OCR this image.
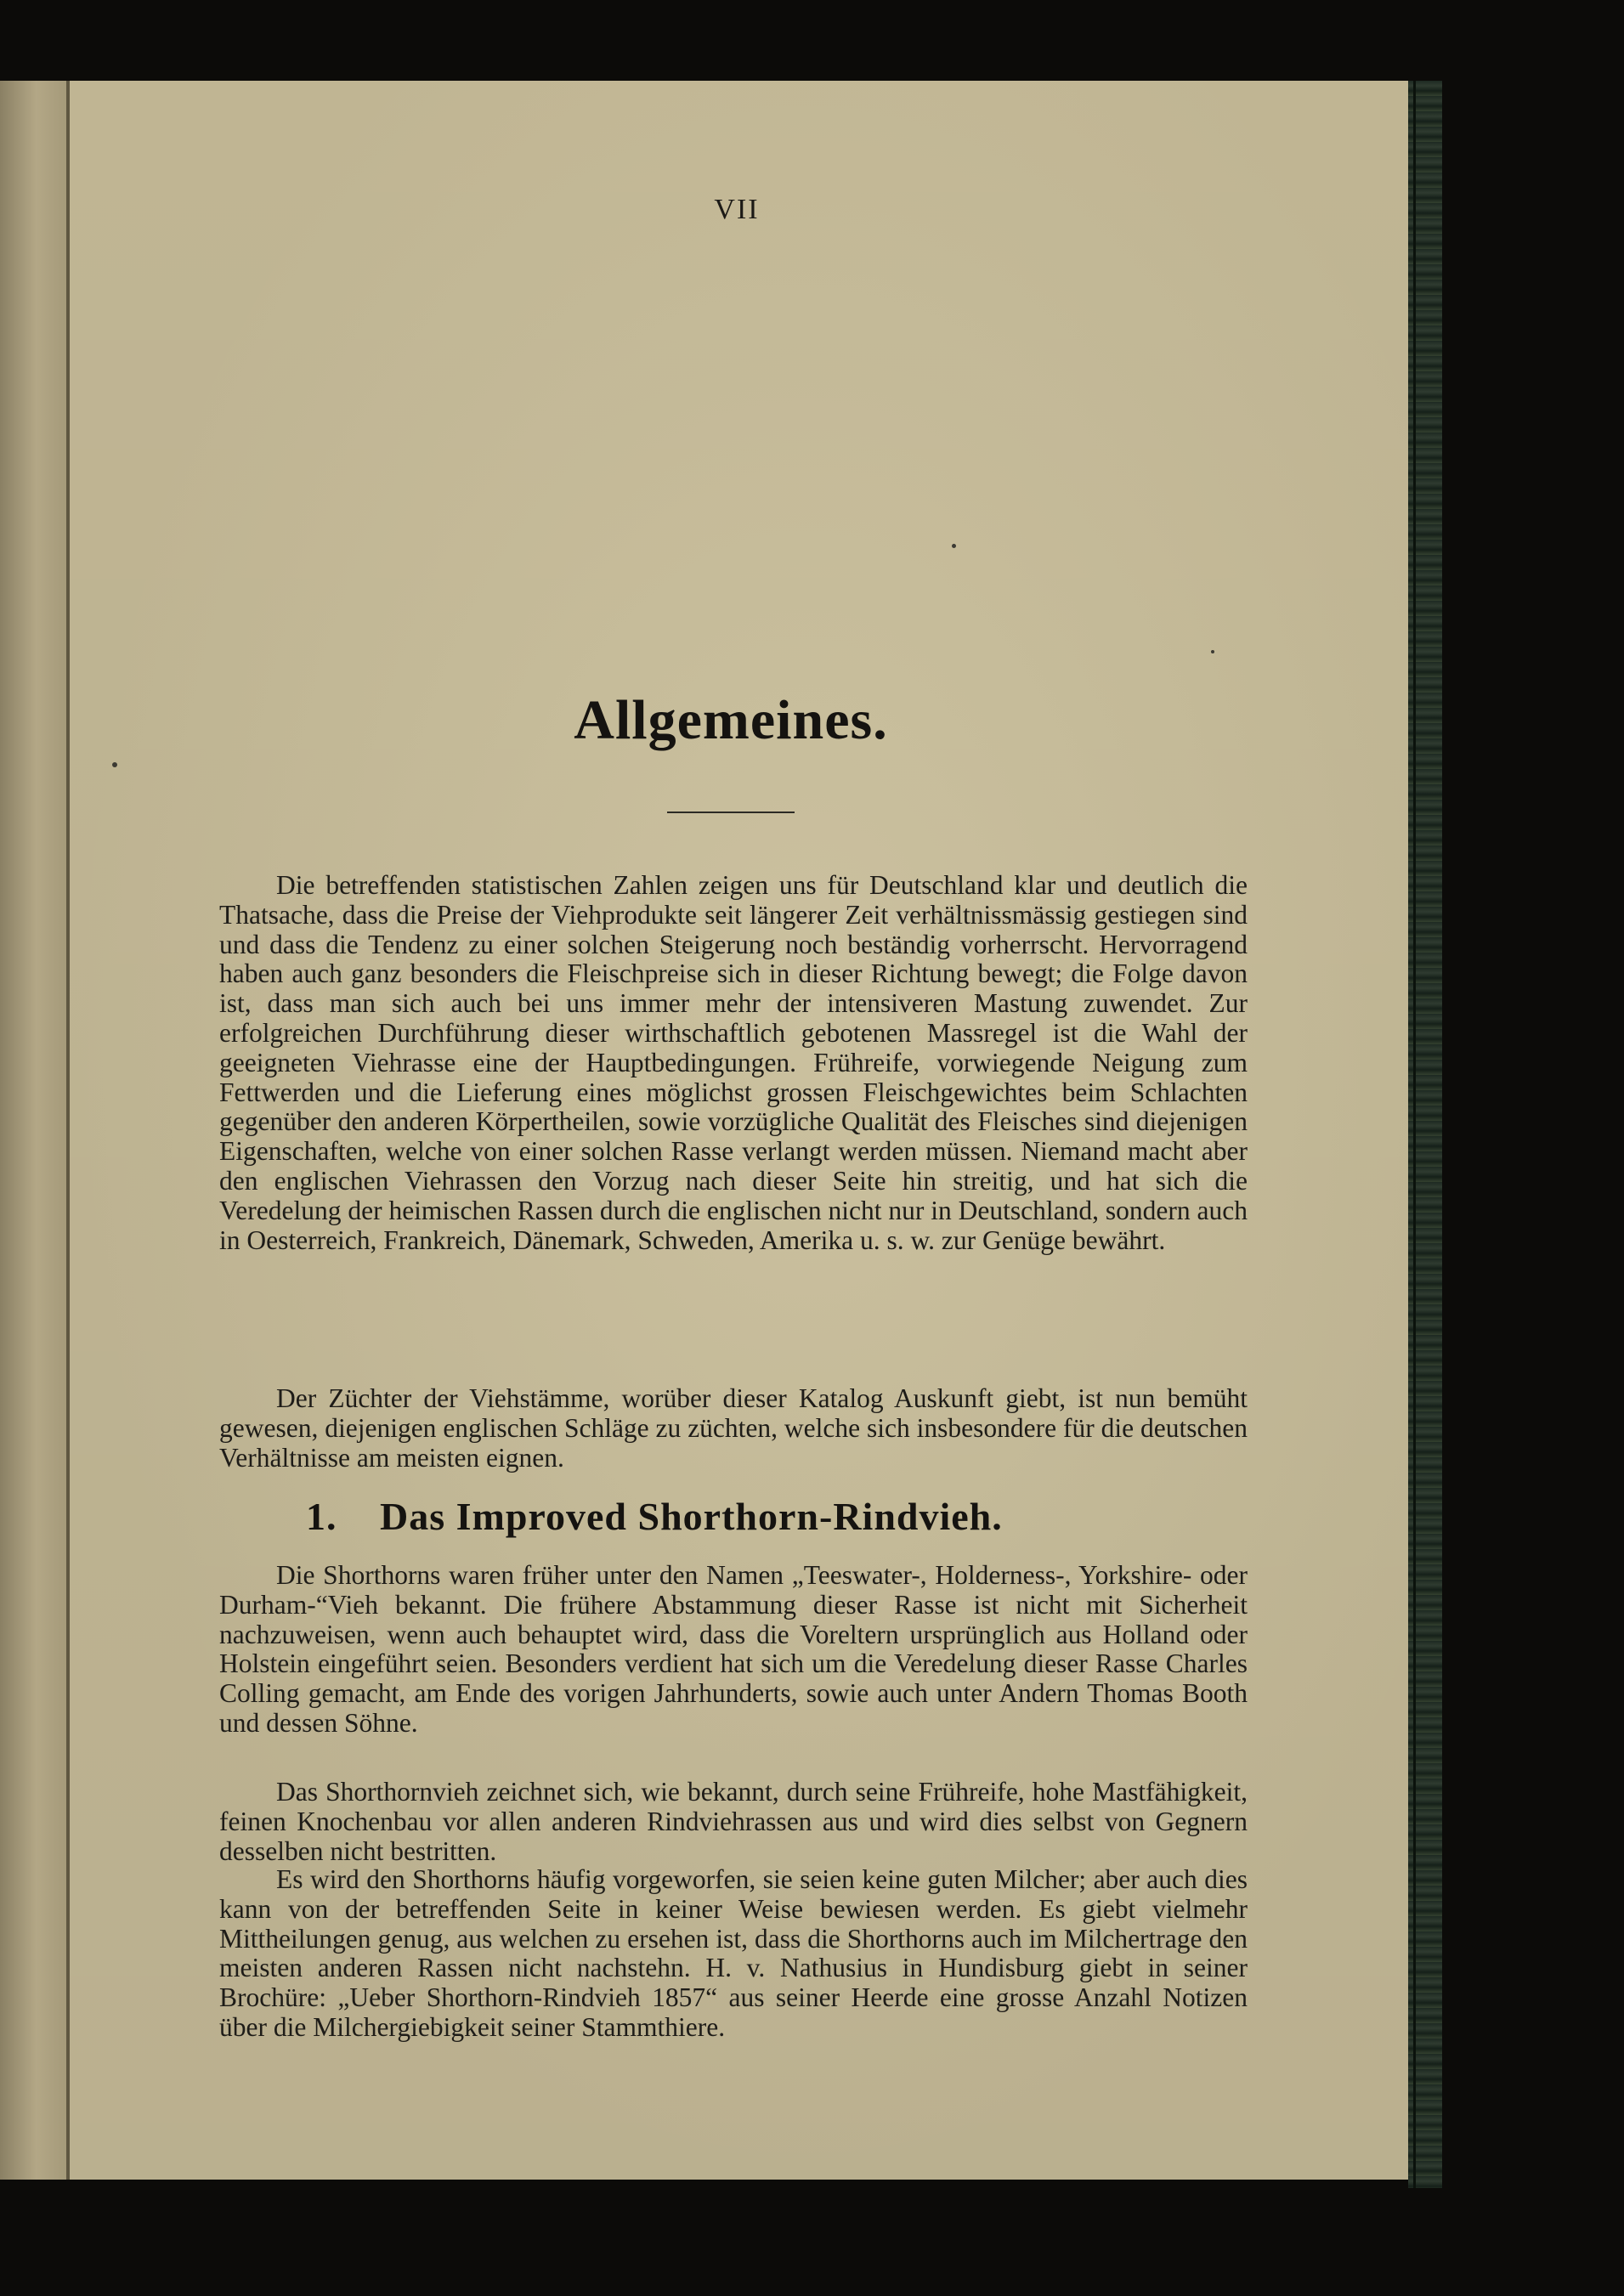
VII
Allgemeines.

Die betreffenden statistischen Zahlen zeigen uns für Deutschland klar und deutlich die Thatsache, dass die Preise der Viehprodukte seit längerer Zeit verhältnissmässig gestiegen sind und dass die Tendenz zu einer solchen Steigerung noch beständig vorherrscht. Hervorragend haben auch ganz besonders die Fleischpreise sich in dieser Richtung bewegt; die Folge davon ist, dass man sich auch bei uns immer mehr der intensiveren Mastung zuwendet. Zur erfolgreichen Durchführung dieser wirthschaftlich gebotenen Massregel ist die Wahl der geeigneten Viehrasse eine der Hauptbedingungen. Frühreife, vorwiegende Neigung zum Fettwerden und die Lieferung eines möglichst grossen Fleischgewichtes beim Schlachten gegenüber den anderen Körpertheilen, sowie vorzügliche Qualität des Fleisches sind diejenigen Eigenschaften, welche von einer solchen Rasse verlangt werden müssen. Niemand macht aber den englischen Viehrassen den Vorzug nach dieser Seite hin streitig, und hat sich die Veredelung der heimischen Rassen durch die englischen nicht nur in Deutschland, sondern auch in Oesterreich, Frankreich, Dänemark, Schweden, Amerika u. s. w. zur Genüge bewährt.

Der Züchter der Viehstämme, worüber dieser Katalog Auskunft giebt, ist nun bemüht gewesen, diejenigen englischen Schläge zu züchten, welche sich insbesondere für die deutschen Verhältnisse am meisten eignen.

1. Das Improved Shorthorn-Rindvieh.

Die Shorthorns waren früher unter den Namen „Teeswater-, Holderness-, Yorkshire- oder Durham-“Vieh bekannt. Die frühere Abstammung dieser Rasse ist nicht mit Sicherheit nachzuweisen, wenn auch behauptet wird, dass die Voreltern ursprünglich aus Holland oder Holstein eingeführt seien. Besonders verdient hat sich um die Veredelung dieser Rasse Charles Colling gemacht, am Ende des vorigen Jahrhunderts, sowie auch unter Andern Thomas Booth und dessen Söhne.

Das Shorthornvieh zeichnet sich, wie bekannt, durch seine Frühreife, hohe Mastfähigkeit, feinen Knochenbau vor allen anderen Rindviehrassen aus und wird dies selbst von Gegnern desselben nicht bestritten.

Es wird den Shorthorns häufig vorgeworfen, sie seien keine guten Milcher; aber auch dies kann von der betreffenden Seite in keiner Weise bewiesen werden. Es giebt vielmehr Mittheilungen genug, aus welchen zu ersehen ist, dass die Shorthorns auch im Milchertrage den meisten anderen Rassen nicht nachstehn. H. v. Nathusius in Hundisburg giebt in seiner Brochüre: „Ueber Shorthorn-Rindvieh 1857“ aus seiner Heerde eine grosse Anzahl Notizen über die Milchergiebigkeit seiner Stammthiere.
